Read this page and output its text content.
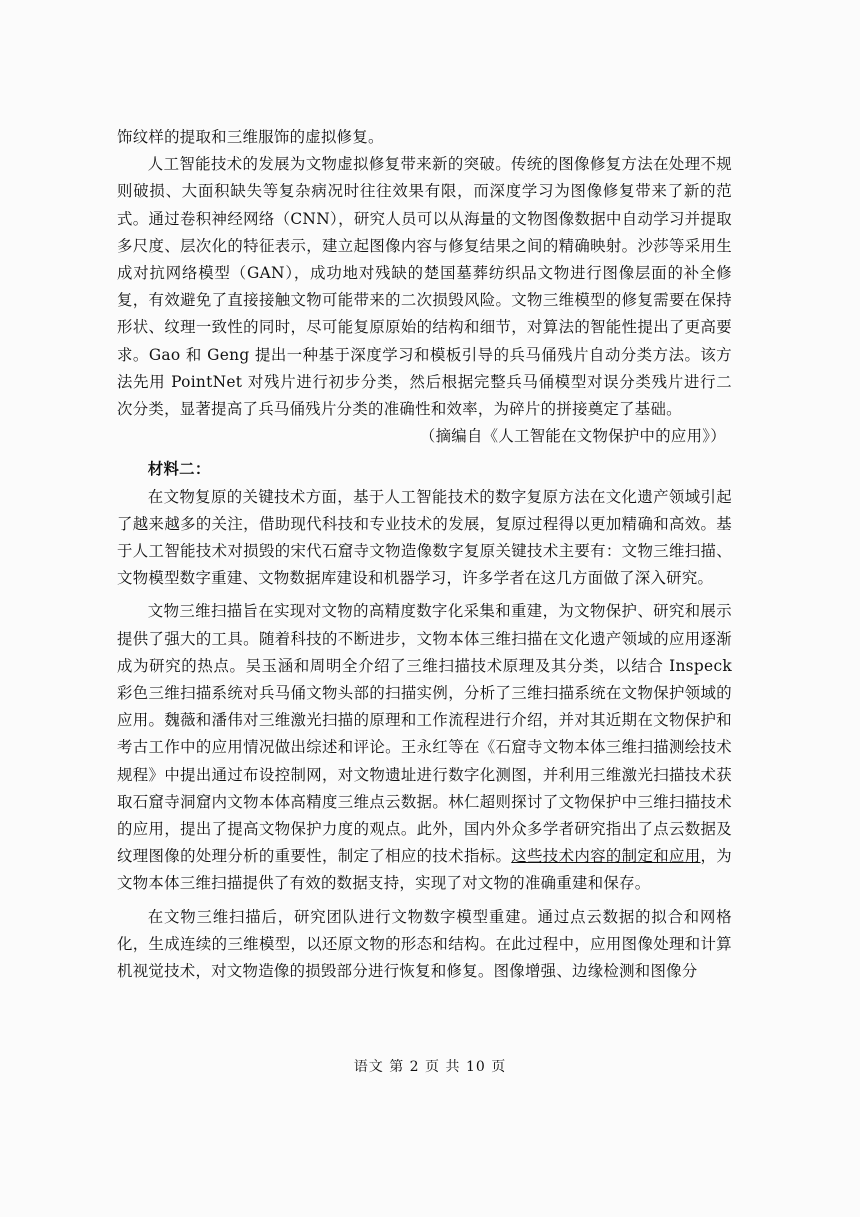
饰纹样的提取和三维服饰的虚拟修复。

人工智能技术的发展为文物虚拟修复带来新的突破。传统的图像修复方法在处理不规则破损、大面积缺失等复杂病况时往往效果有限，而深度学习为图像修复带来了新的范式。通过卷积神经网络（CNN），研究人员可以从海量的文物图像数据中自动学习并提取多尺度、层次化的特征表示，建立起图像内容与修复结果之间的精确映射。沙莎等采用生成对抗网络模型（GAN），成功地对残缺的楚国墓葬纺织品文物进行图像层面的补全修复，有效避免了直接接触文物可能带来的二次损毁风险。文物三维模型的修复需要在保持形状、纹理一致性的同时，尽可能复原原始的结构和细节，对算法的智能性提出了更高要求。Gao 和 Geng 提出一种基于深度学习和模板引导的兵马俑残片自动分类方法。该方法先用 PointNet 对残片进行初步分类，然后根据完整兵马俑模型对误分类残片进行二次分类，显著提高了兵马俑残片分类的准确性和效率，为碎片的拼接奠定了基础。

（摘编自《人工智能在文物保护中的应用》）

材料二：

在文物复原的关键技术方面，基于人工智能技术的数字复原方法在文化遗产领域引起了越来越多的关注，借助现代科技和专业技术的发展，复原过程得以更加精确和高效。基于人工智能技术对损毁的宋代石窟寺文物造像数字复原关键技术主要有：文物三维扫描、文物模型数字重建、文物数据库建设和机器学习，许多学者在这几方面做了深入研究。

文物三维扫描旨在实现对文物的高精度数字化采集和重建，为文物保护、研究和展示提供了强大的工具。随着科技的不断进步，文物本体三维扫描在文化遗产领域的应用逐渐成为研究的热点。吴玉涵和周明全介绍了三维扫描技术原理及其分类，以结合 Inspeck 彩色三维扫描系统对兵马俑文物头部的扫描实例，分析了三维扫描系统在文物保护领域的应用。魏薇和潘伟对三维激光扫描的原理和工作流程进行介绍，并对其近期在文物保护和考古工作中的应用情况做出综述和评论。王永红等在《石窟寺文物本体三维扫描测绘技术规程》中提出通过布设控制网，对文物遗址进行数字化测图，并利用三维激光扫描技术获取石窟寺洞窟内文物本体高精度三维点云数据。林仁超则探讨了文物保护中三维扫描技术的应用，提出了提高文物保护力度的观点。此外，国内外众多学者研究指出了点云数据及纹理图像的处理分析的重要性，制定了相应的技术指标。这些技术内容的制定和应用，为文物本体三维扫描提供了有效的数据支持，实现了对文物的准确重建和保存。

在文物三维扫描后，研究团队进行文物数字模型重建。通过点云数据的拟合和网格化，生成连续的三维模型，以还原文物的形态和结构。在此过程中，应用图像处理和计算机视觉技术，对文物造像的损毁部分进行恢复和修复。图像增强、边缘检测和图像分

语文 第 2 页 共 10 页
